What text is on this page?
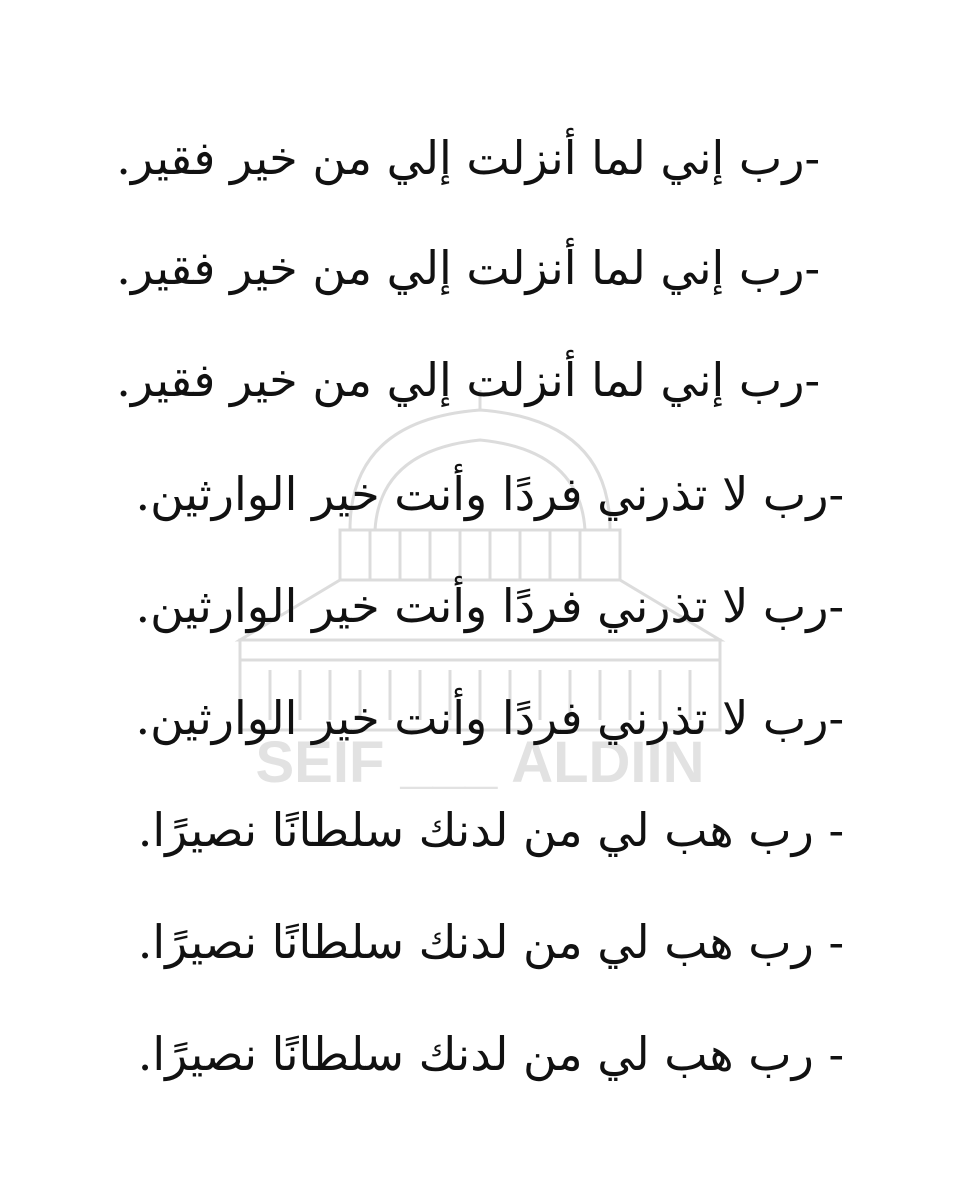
SEIF ___ ALDIIN
-رب إني لما أنزلت إلي من خير فقير.
-رب إني لما أنزلت إلي من خير فقير.
-رب إني لما أنزلت إلي من خير فقير.
-رب لا تذرني فردًا وأنت خير الوارثين.
-رب لا تذرني فردًا وأنت خير الوارثين.
-رب لا تذرني فردًا وأنت خير الوارثين.
- رب هب لي من لدنك سلطانًا نصيرًا.
- رب هب لي من لدنك سلطانًا نصيرًا.
- رب هب لي من لدنك سلطانًا نصيرًا.
